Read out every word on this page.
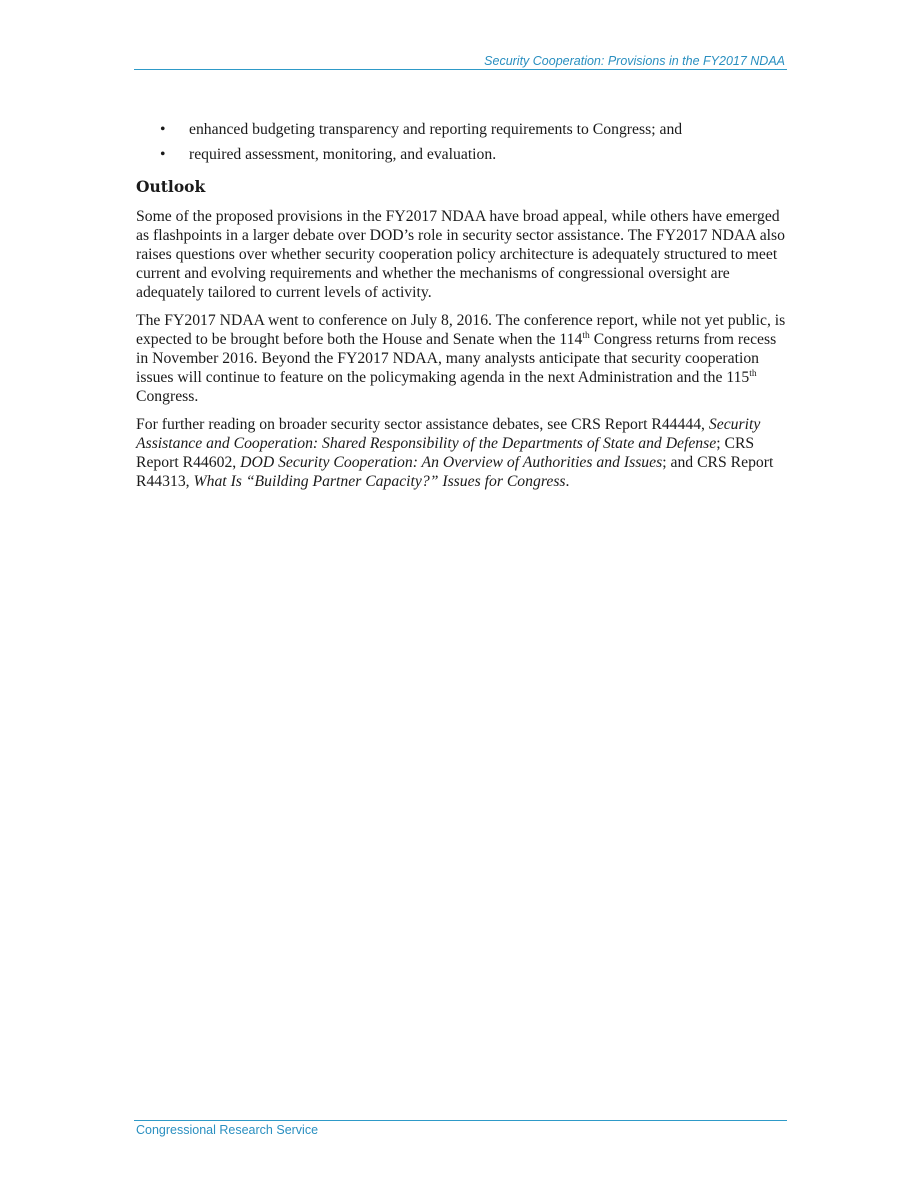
Security Cooperation: Provisions in the FY2017 NDAA
• enhanced budgeting transparency and reporting requirements to Congress; and
• required assessment, monitoring, and evaluation.
Outlook

Some of the proposed provisions in the FY2017 NDAA have broad appeal, while others have emerged as flashpoints in a larger debate over DOD’s role in security sector assistance. The FY2017 NDAA also raises questions over whether security cooperation policy architecture is adequately structured to meet current and evolving requirements and whether the mechanisms of congressional oversight are adequately tailored to current levels of activity.

The FY2017 NDAA went to conference on July 8, 2016. The conference report, while not yet public, is expected to be brought before both the House and Senate when the 114th Congress returns from recess in November 2016. Beyond the FY2017 NDAA, many analysts anticipate that security cooperation issues will continue to feature on the policymaking agenda in the next Administration and the 115th Congress.

For further reading on broader security sector assistance debates, see CRS Report R44444, Security Assistance and Cooperation: Shared Responsibility of the Departments of State and Defense; CRS Report R44602, DOD Security Cooperation: An Overview of Authorities and Issues; and CRS Report R44313, What Is “Building Partner Capacity?” Issues for Congress.

Congressional Research Service
